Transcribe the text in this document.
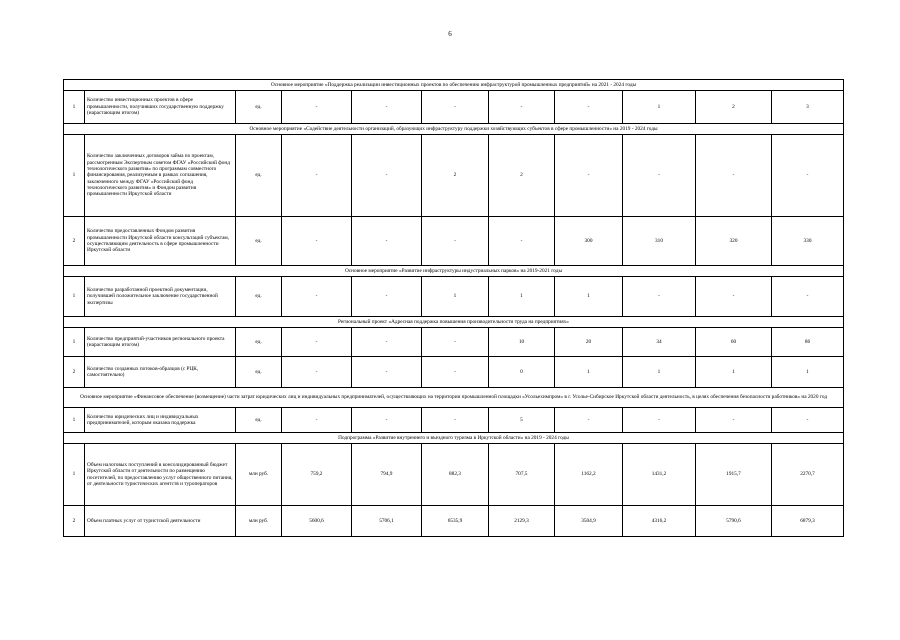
6
Основное мероприятие «Поддержка реализации инвестиционных проектов по обеспечению инфраструктурой промышленных предприятий» на 2021 - 2024 годы										
1	Количество инвестиционных проектов в сфере промышленности, получивших государственную поддержку (нарастающим итогом)	ед.	-	-	-	-	-	1	2	3
Основное мероприятие «Содействие деятельности организаций, образующих инфраструктуру поддержки хозяйствующих субъектов в сфере промышленности» на 2019 - 2024 годы										
1	Количество заключенных договоров займа по проектам, рассмотренным Экспертным советом ФГАУ «Российский фонд технологического развития» по программам совместного финансирования, реализуемым в рамках соглашения, заключенного между ФГАУ «Российский фонд технологического развития» и Фондом развития промышленности Иркутской области	ед.	-	-	2	2	-	-	-	-
2	Количество предоставленных Фондом развития промышленности Иркутской области консультаций субъектам, осуществляющим деятельность в сфере промышленности Иркутской области	ед.	-	-	-	-	300	310	320	330
Основное мероприятие «Развитие инфраструктуры индустриальных парков» на 2019-2021 годы										
1	Количество разработанной проектной документации, получившей положительное заключение государственной экспертизы	ед.	-	-	1	1	1	-	-	-
Региональный проект «Адресная поддержка повышения производительности труда на предприятиях»										
1	Количество предприятий-участников регионального проекта (нарастающим итогом)	ед.	-	-	-	10	20	34	60	86
2	Количество созданных потоков-образцов (с РЦК, самостоятельно)	ед.	-	-	-	0	1	1	1	1
Основное мероприятие «Финансовое обеспечение (возмещение) части затрат юридических лиц и индивидуальных предпринимателей, осуществляющих на территории промышленной площадки «Усольехимпром» в г. Усолье-Сибирское Иркутской области деятельность, в целях обеспечения безопасности работников» на 2020 год										
1	Количество юридических лиц и индивидуальных предпринимателей, которым оказана поддержка	ед.	-	-	-	5	-	-	-	-
Подпрограмма «Развитие внутреннего и въездного туризма в Иркутской области» на 2019 - 2024 годы										
1	Объем налоговых поступлений в консолидированный бюджет Иркутской области от деятельности по размещению посетителей, по предоставлению услуг общественного питания, от деятельности туристических агентств и туроператоров	млн руб.	759,2	794,9	882,3	707,5	1162,2	1431,2	1915,7	2270,7
2	Объем платных услуг от туристской деятельности	млн руб.	5600,6	5706,1	6535,9	2129,3	3504,9	4316,2	5790,6	6879,3
